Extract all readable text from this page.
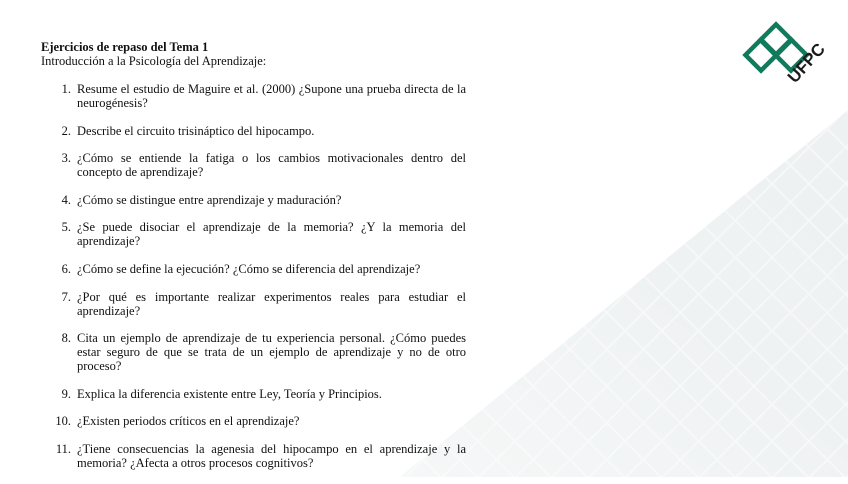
UFPC

Ejercicios de repaso del Tema 1

Introducción a la Psicología del Aprendizaje:

1. Resume el estudio de Maguire et al. (2000) ¿Supone una prueba directa de la neurogénesis?
2. Describe el circuito trisináptico del hipocampo.
3. ¿Cómo se entiende la fatiga o los cambios motivacionales dentro del concepto de aprendizaje?
4. ¿Cómo se distingue entre aprendizaje y maduración?
5. ¿Se puede disociar el aprendizaje de la memoria? ¿Y la memoria del aprendizaje?
6. ¿Cómo se define la ejecución? ¿Cómo se diferencia del aprendizaje?
7. ¿Por qué es importante realizar experimentos reales para estudiar el aprendizaje?
8. Cita un ejemplo de aprendizaje de tu experiencia personal. ¿Cómo puedes estar seguro de que se trata de un ejemplo de aprendizaje y no de otro proceso?
9. Explica la diferencia existente entre Ley, Teoría y Principios.
10. ¿Existen periodos críticos en el aprendizaje?
11. ¿Tiene consecuencias la agenesia del hipocampo en el aprendizaje y la memoria? ¿Afecta a otros procesos cognitivos?
